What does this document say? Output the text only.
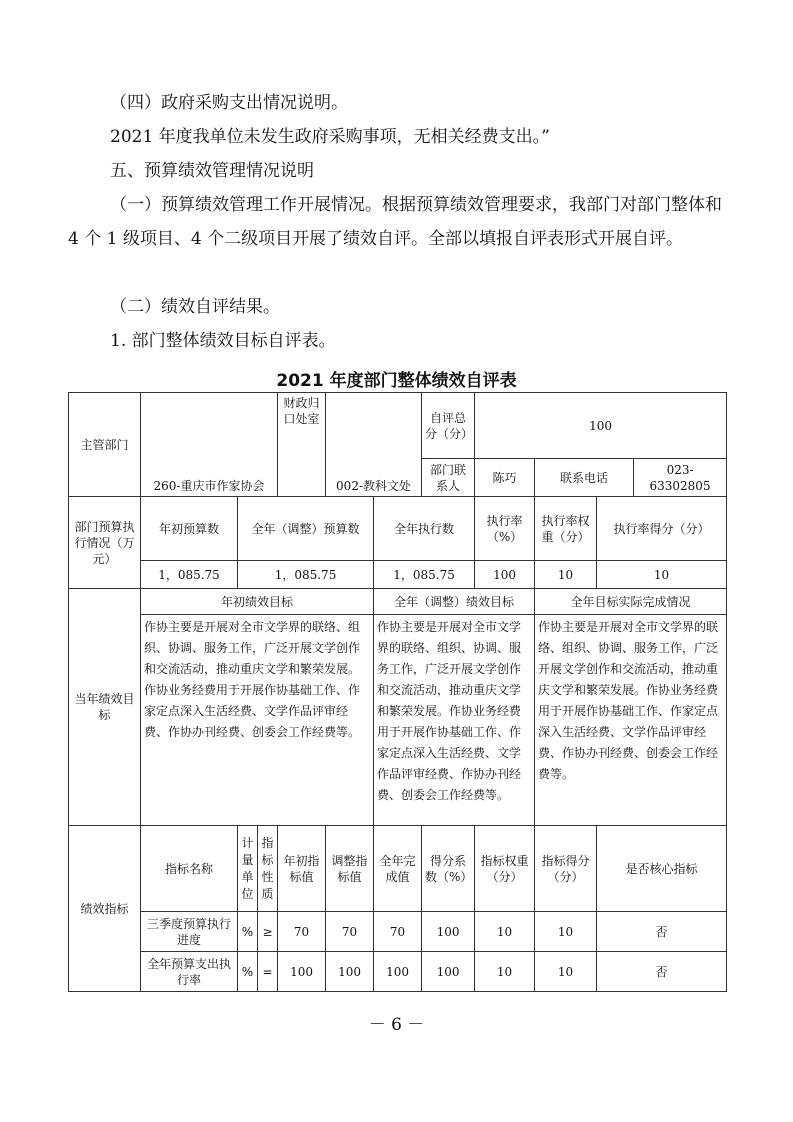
（四）政府采购支出情况说明。

2021 年度我单位未发生政府采购事项，无相关经费支出。”

五、预算绩效管理情况说明

（一）预算绩效管理工作开展情况。根据预算绩效管理要求，我部门对部门整体和 4 个 1 级项目、4 个二级项目开展了绩效自评。全部以填报自评表形式开展自评。

（二）绩效自评结果。

1. 部门整体绩效目标自评表。

2021 年度部门整体绩效自评表
主管部门	260-重庆市作家协会			财政归口处室	002-教科文处		自评总分（分）	100			
							部门联系人	陈巧	联系电话		023-63302805
部门预算执行情况（万元）	年初预算数	全年（调整）预算数				全年执行数		执行率（%）	执行率权重（分）	执行率得分（分）	
	1，085.75	1，085.75				1，085.75		100	10	10	
当年绩效目标	年初绩效目标					全年（调整）绩效目标			全年目标实际完成情况		
	作协主要是开展对全市文学界的联络、组织、协调、服务工作，广泛开展文学创作和交流活动，推动重庆文学和繁荣发展。作协业务经费用于开展作协基础工作、作家定点深入生活经费、文学作品评审经费、作协办刊经费、创委会工作经费等。					作协主要是开展对全市文学界的联络、组织、协调、服务工作，广泛开展文学创作和交流活动，推动重庆文学和繁荣发展。作协业务经费用于开展作协基础工作、作家定点深入生活经费、文学作品评审经费、作协办刊经费、创委会工作经费等。			作协主要是开展对全市文学界的联络、组织、协调、服务工作，广泛开展文学创作和交流活动，推动重庆文学和繁荣发展。作协业务经费用于开展作协基础工作、作家定点深入生活经费、文学作品评审经费、作协办刊经费、创委会工作经费等。		
绩效指标	指标名称	计量单位	指标性质	年初指标值	调整指标值	全年完成值	得分系数（%）	指标权重（分）	指标得分（分）	是否核心指标	
	三季度预算执行进度	%	≥	70	70	70	100	10	10	否	
	全年预算支出执行率	%	=	100	100	100	100	10	10	否	
－ 6 －
